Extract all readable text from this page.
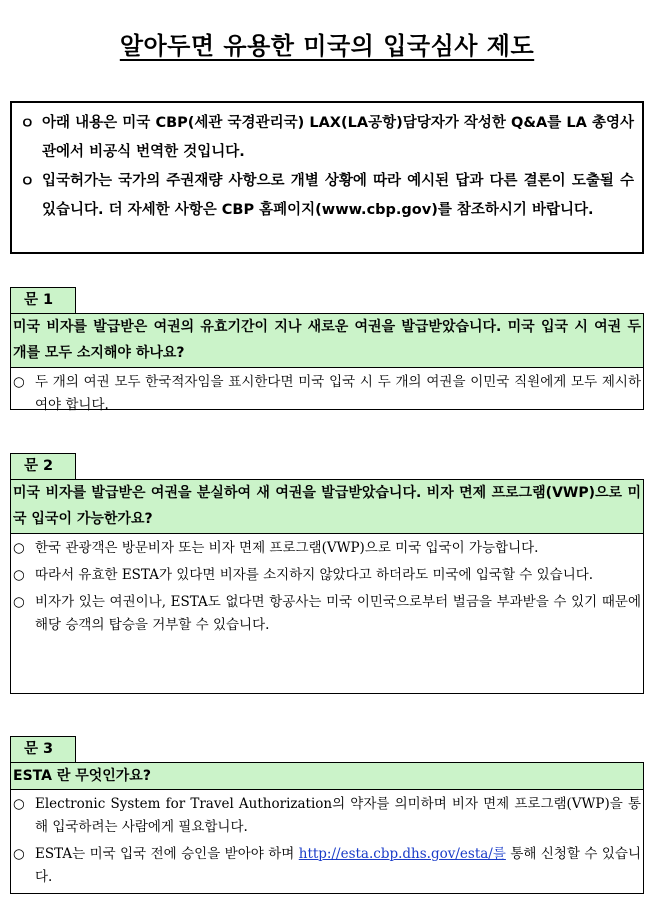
알아두면 유용한 미국의 입국심사 제도
ㅇ 아래 내용은 미국 CBP(세관 국경관리국) LAX(LA공항)담당자가 작성한 Q&A를 LA 총영사관에서 비공식 번역한 것입니다.
ㅇ 입국허가는 국가의 주권재량 사항으로 개별 상황에 따라 예시된 답과 다른 결론이 도출될 수 있습니다. 더 자세한 사항은 CBP 홈페이지(www.cbp.gov)를 참조하시기 바랍니다.
문 1
미국 비자를 발급받은 여권의 유효기간이 지나 새로운 여권을 발급받았습니다. 미국 입국 시 여권 두 개를 모두 소지해야 하나요?
○ 두 개의 여권 모두 한국적자임을 표시한다면 미국 입국 시 두 개의 여권을 이민국 직원에게 모두 제시하여야 합니다.
문 2
미국 비자를 발급받은 여권을 분실하여 새 여권을 발급받았습니다. 비자 면제 프로그램(VWP)으로 미국 입국이 가능한가요?
○ 한국 관광객은 방문비자 또는 비자 면제 프로그램(VWP)으로 미국 입국이 가능합니다.
○ 따라서 유효한 ESTA가 있다면 비자를 소지하지 않았다고 하더라도 미국에 입국할 수 있습니다.
○ 비자가 있는 여권이나, ESTA도 없다면 항공사는 미국 이민국으로부터 벌금을 부과받을 수 있기 때문에 해당 승객의 탑승을 거부할 수 있습니다.
문 3
ESTA 란 무엇인가요?
○ Electronic System for Travel Authorization의 약자를 의미하며 비자 면제 프로그램(VWP)을 통해 입국하려는 사람에게 필요합니다.
○ ESTA는 미국 입국 전에 승인을 받아야 하며 http://esta.cbp.dhs.gov/esta/를 통해 신청할 수 있습니다.
